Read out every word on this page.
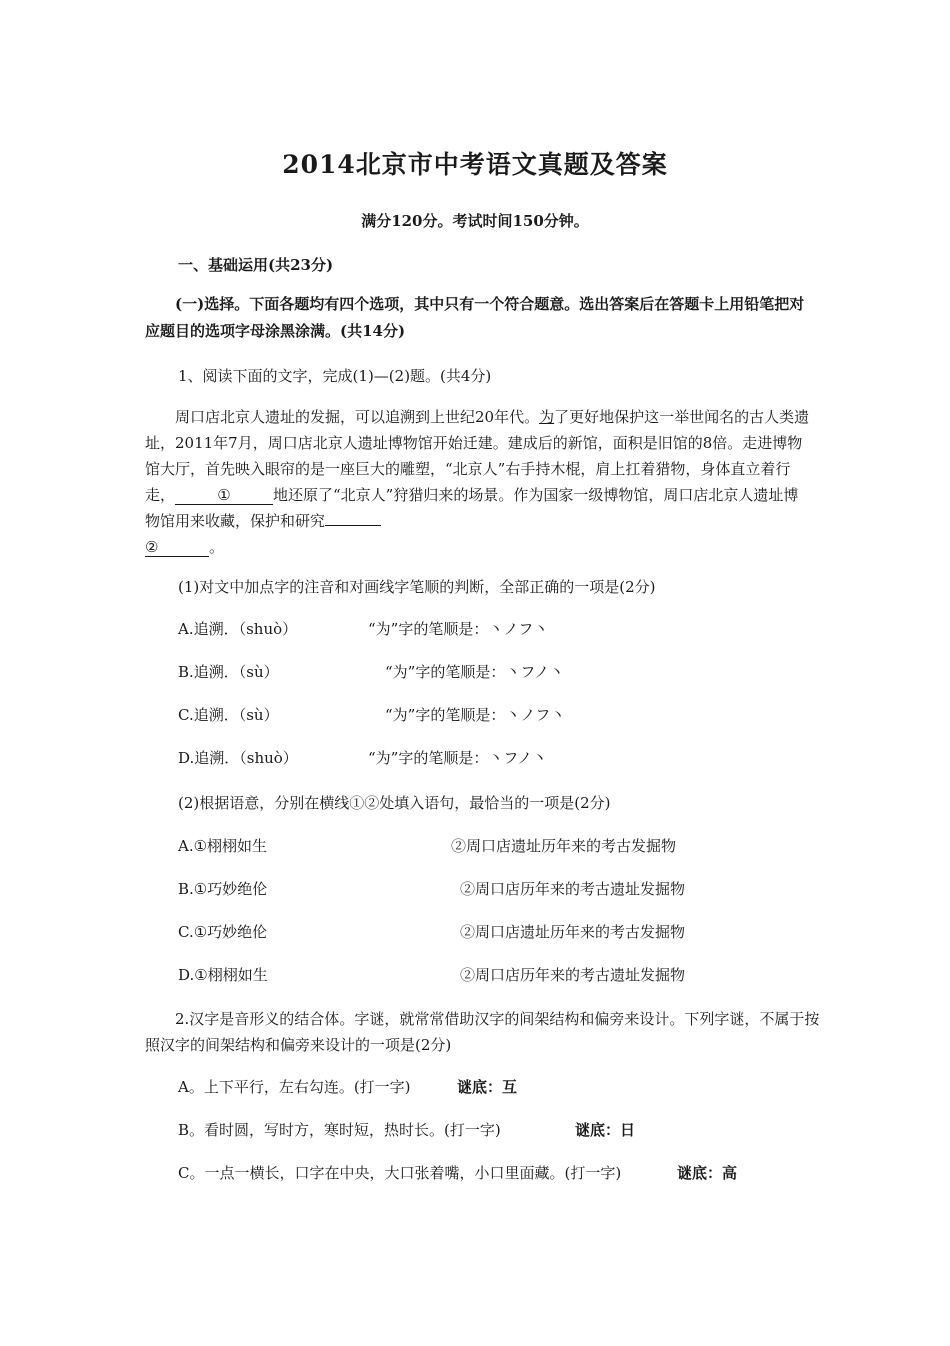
2014北京市中考语文真题及答案
满分120分。考试时间150分钟。
一、基础运用(共23分)
(一)选择。下面各题均有四个选项，其中只有一个符合题意。选出答案后在答题卡上用铅笔把对应题目的选项字母涂黑涂满。(共14分)
1、阅读下面的文字，完成(1)—(2)题。(共4分)
周口店北京人遗址的发掘，可以追溯到上世纪20年代。为了更好地保护这一举世闻名的古人类遗址，2011年7月，周口店北京人遗址博物馆开始迁建。建成后的新馆，面积是旧馆的8倍。走进博物馆大厅，首先映入眼帘的是一座巨大的雕塑，“北京人”右手持木棍，肩上扛着猎物，身体直立着行走，	①	地还原了“北京人”狩猎归来的场景。作为国家一级博物馆，周口店北京人遗址博物馆用来收藏，保护和研究
②	。
(1)对文中加点字的注音和对画线字笔顺的判断，全部正确的一项是(2分)
A.追溯．（shuò）	“为”字的笔顺是：丶ノフ丶
B.追溯．（sù）	“为”字的笔顺是：丶フノ丶
C.追溯．（sù）	“为”字的笔顺是：丶ノフ丶
D.追溯．（shuò）	“为”字的笔顺是：丶フノ丶
(2)根据语意，分别在横线①②处填入语句，最恰当的一项是(2分)
A.①栩栩如生	②周口店遗址历年来的考古发掘物
B.①巧妙绝伦	②周口店历年来的考古遗址发掘物
C.①巧妙绝伦	②周口店遗址历年来的考古发掘物
D.①栩栩如生	②周口店历年来的考古遗址发掘物
2.汉字是音形义的结合体。字谜，就常常借助汉字的间架结构和偏旁来设计。下列字谜，不属于按照汉字的间架结构和偏旁来设计的一项是(2分)
A。上下平行，左右勾连。(打一字)	谜底：互
B。看时圆，写时方，寒时短，热时长。(打一字)	谜底：日
C。一点一横长，口字在中央，大口张着嘴，小口里面藏。(打一字)	谜底：高
